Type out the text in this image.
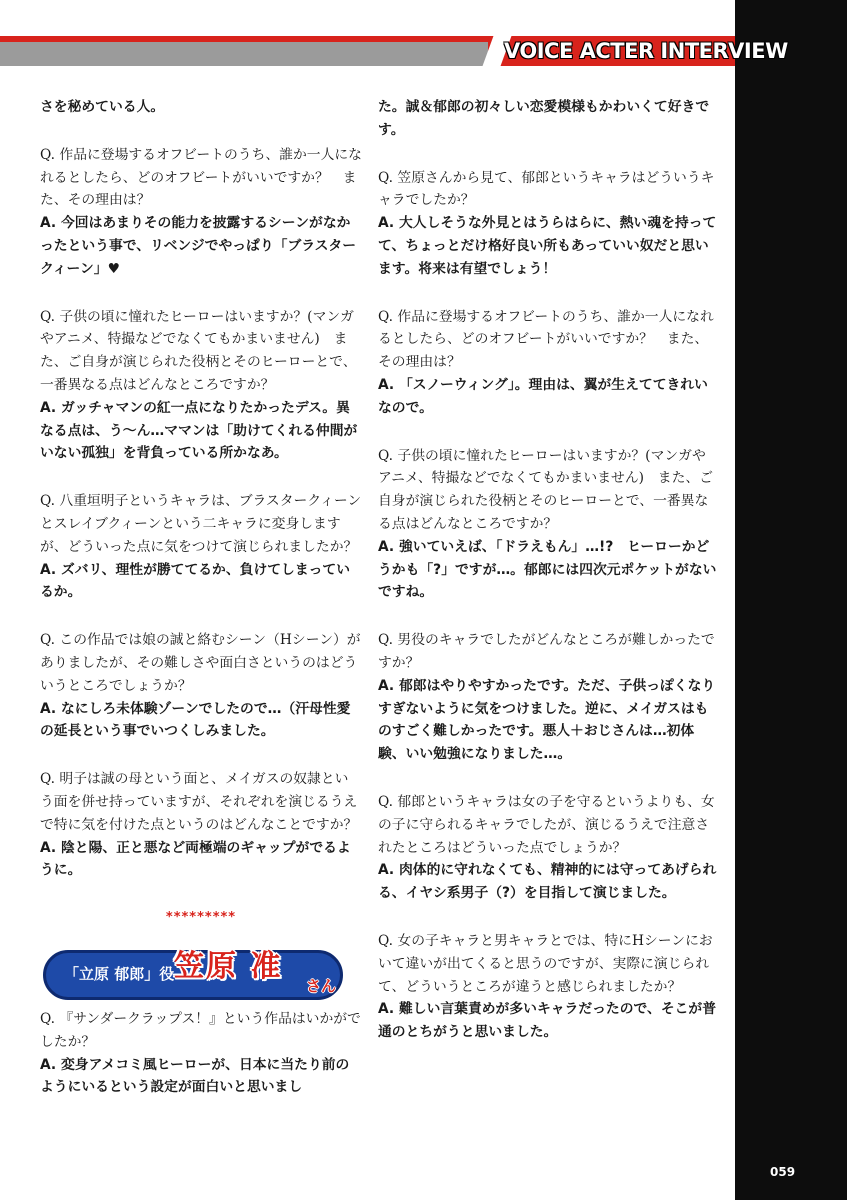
VOICE ACTER INTERVIEW

さを秘めている人。

Q. 作品に登場するオフビートのうち、誰か一人になれるとしたら、どのオフビートがいいですか？　また、その理由は？

A. 今回はあまりその能力を披露するシーンがなかったという事で、リベンジでやっぱり「ブラスタークィーン」♥

Q. 子供の頃に憧れたヒーローはいますか？(マンガやアニメ、特撮などでなくてもかまいません)　また、ご自身が演じられた役柄とそのヒーローとで、一番異なる点はどんなところですか？

A. ガッチャマンの紅一点になりたかったデス。異なる点は、う～ん…ママンは「助けてくれる仲間がいない孤独」を背負っている所かなあ。

Q. 八重垣明子というキャラは、ブラスタークィーンとスレイブクィーンという二キャラに変身しますが、どういった点に気をつけて演じられましたか？

A. ズバリ、理性が勝ててるか、負けてしまっているか。

Q. この作品では娘の誠と絡むシーン（Hシーン）がありましたが、その難しさや面白さというのはどういうところでしょうか？

A. なにしろ未体験ゾーンでしたので…（汗母性愛の延長という事でいつくしみました。

Q. 明子は誠の母という面と、メイガスの奴隷という面を併せ持っていますが、それぞれを演じるうえで特に気を付けた点というのはどんなことですか？

A. 陰と陽、正と悪など両極端のギャップがでるように。

*********
「立原 郁郎」役 笠原 准
さん

Q. 『サンダークラップス！』という作品はいかがでしたか？

A. 変身アメコミ風ヒーローが、日本に当たり前のようにいるという設定が面白いと思いまし

た。誠＆郁郎の初々しい恋愛模様もかわいくて好きです。

Q. 笠原さんから見て、郁郎というキャラはどういうキャラでしたか？

A. 大人しそうな外見とはうらはらに、熱い魂を持ってて、ちょっとだけ格好良い所もあっていい奴だと思います。将来は有望でしょう！

Q. 作品に登場するオフビートのうち、誰か一人になれるとしたら、どのオフビートがいいですか？　また、その理由は？

A. 「スノーウィング」。理由は、翼が生えててきれいなので。

Q. 子供の頃に憧れたヒーローはいますか？(マンガやアニメ、特撮などでなくてもかまいません)　また、ご自身が演じられた役柄とそのヒーローとで、一番異なる点はどんなところですか？

A. 強いていえば、「ドラえもん」…!?　ヒーローかどうかも「?」ですが…。郁郎には四次元ポケットがないですね。

Q. 男役のキャラでしたがどんなところが難しかったですか？

A. 郁郎はやりやすかったです。ただ、子供っぽくなりすぎないように気をつけました。逆に、メイガスはものすごく難しかったです。悪人＋おじさんは…初体験、いい勉強になりました…。

Q. 郁郎というキャラは女の子を守るというよりも、女の子に守られるキャラでしたが、演じるうえで注意されたところはどういった点でしょうか？

A. 肉体的に守れなくても、精神的には守ってあげられる、イヤシ系男子（?）を目指して演じました。

Q. 女の子キャラと男キャラとでは、特にHシーンにおいて違いが出てくると思うのですが、実際に演じられて、どういうところが違うと感じられましたか？

A. 難しい言葉責めが多いキャラだったので、そこが普通のとちがうと思いました。

059
